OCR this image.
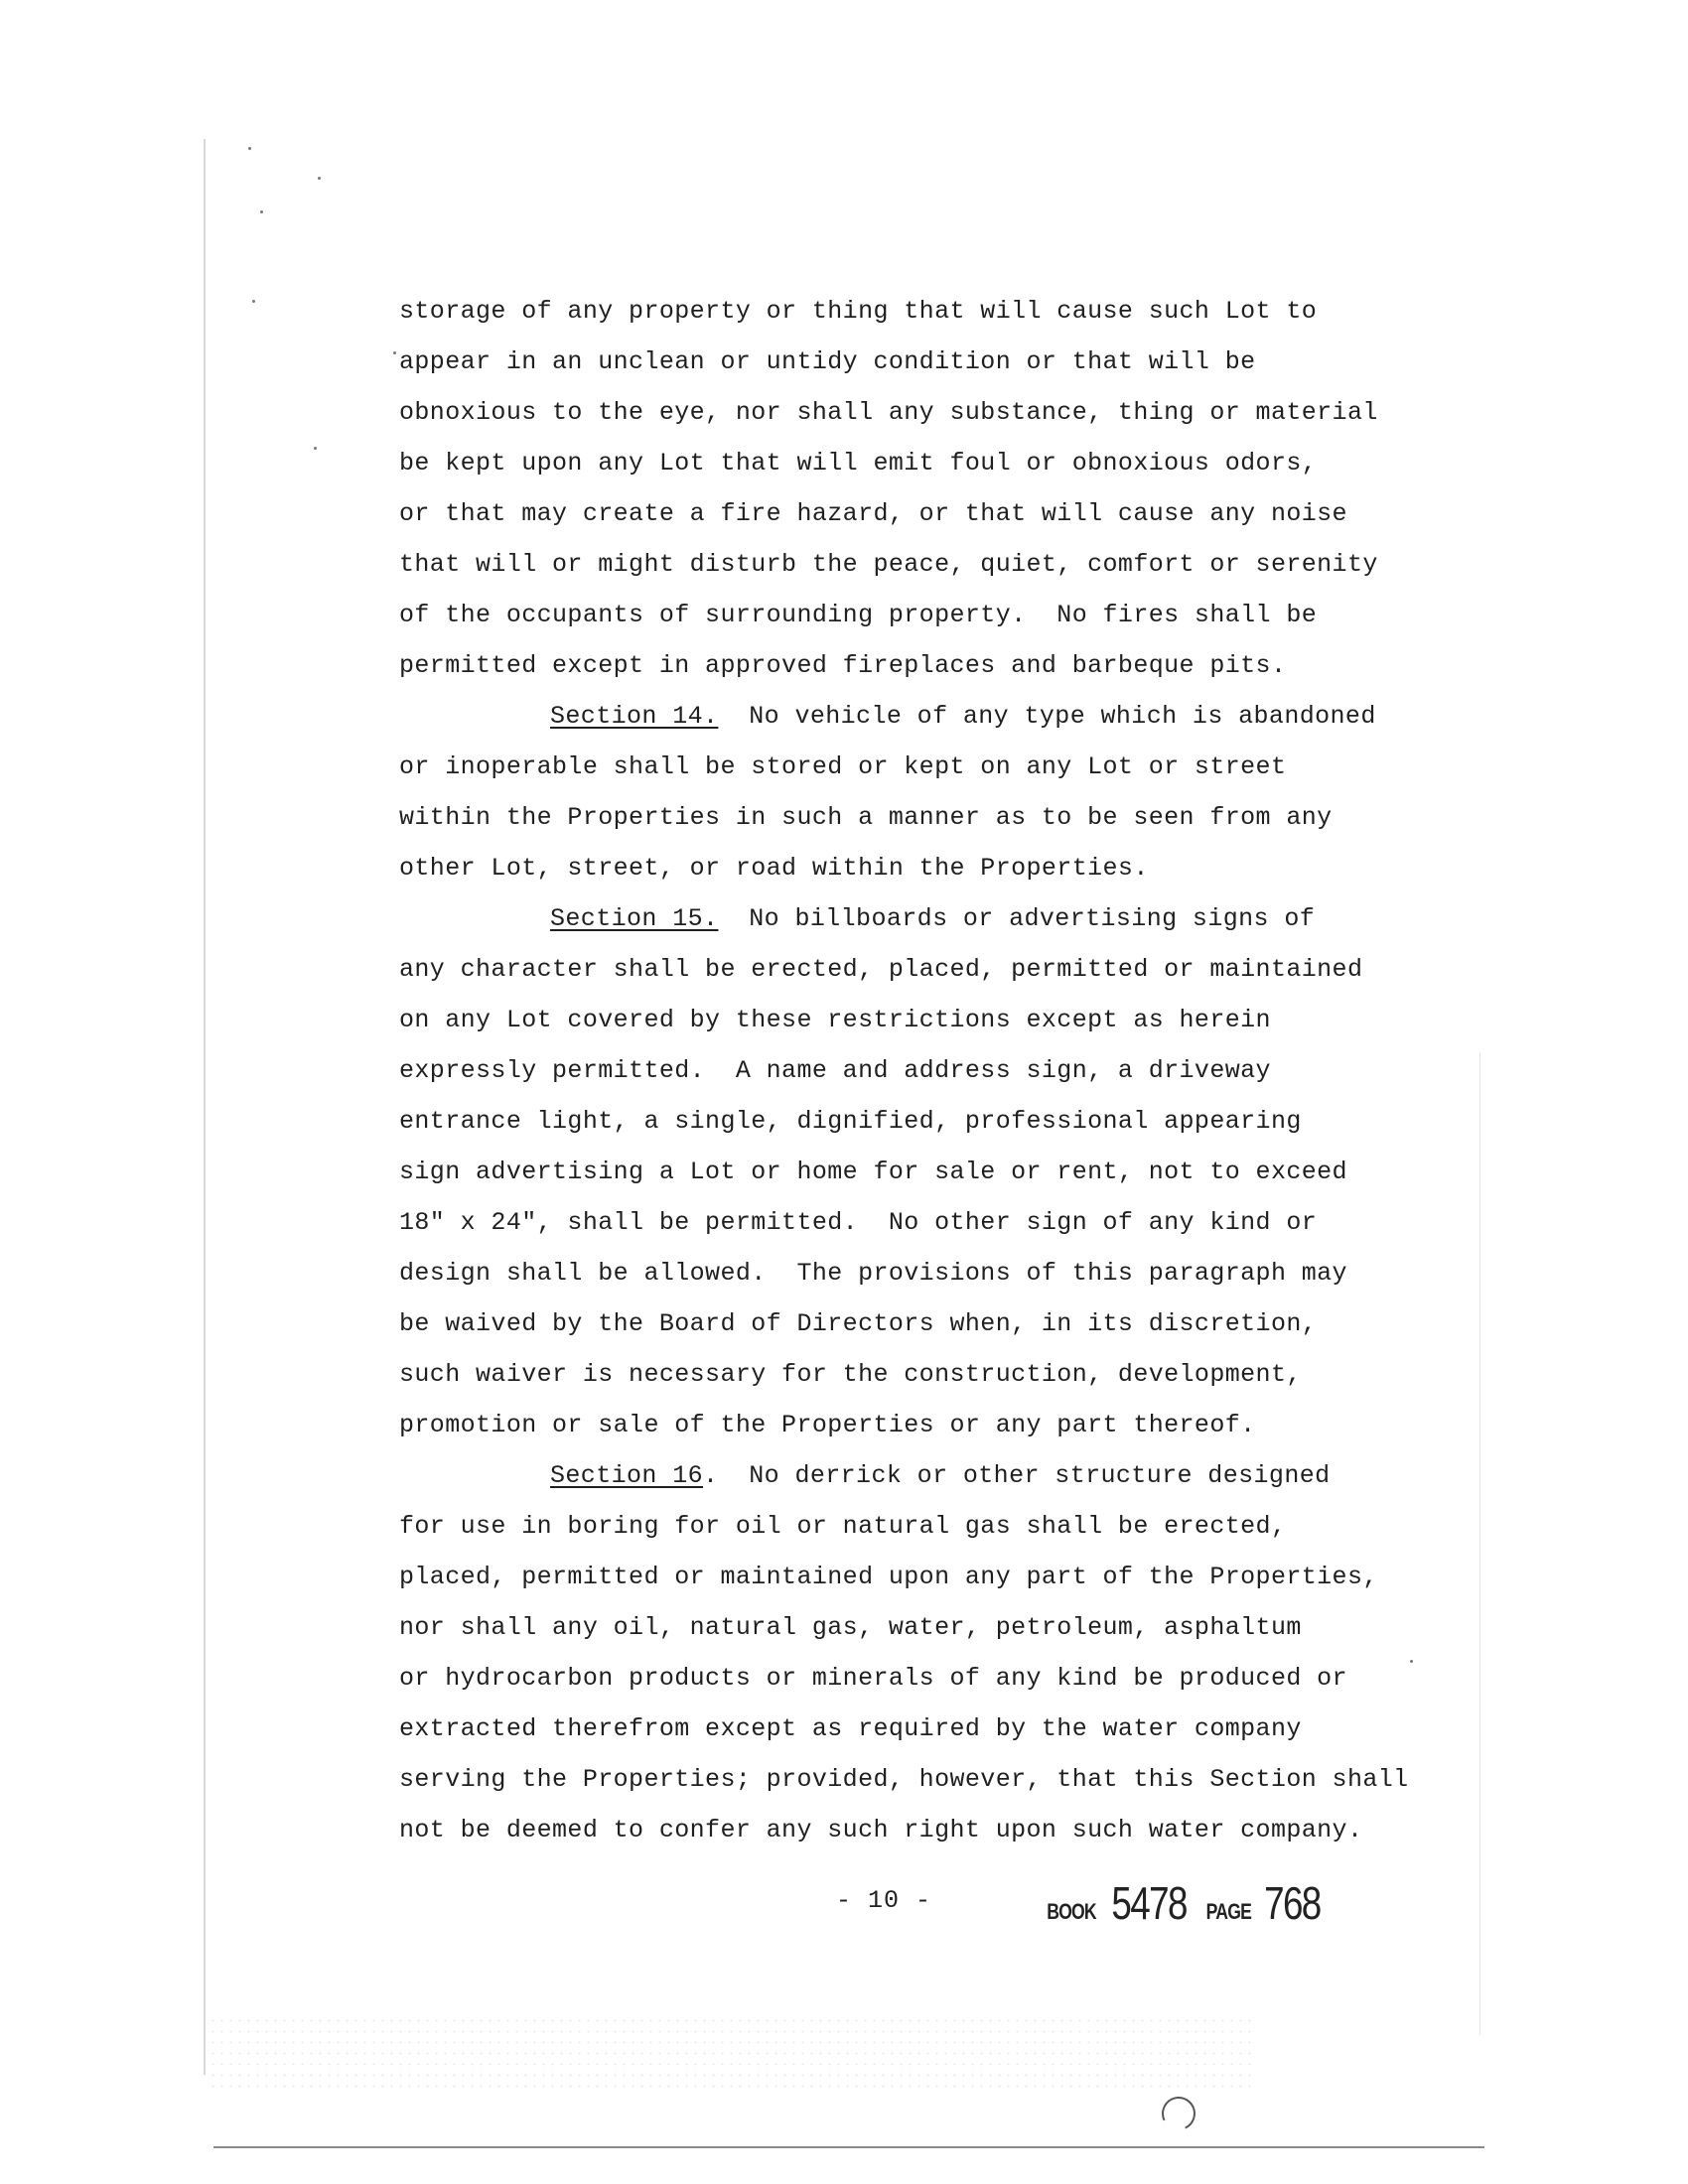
storage of any property or thing that will cause such Lot to
appear in an unclean or untidy condition or that will be
obnoxious to the eye, nor shall any substance, thing or material
be kept upon any Lot that will emit foul or obnoxious odors,
or that may create a fire hazard, or that will cause any noise
that will or might disturb the peace, quiet, comfort or serenity
of the occupants of surrounding property.  No fires shall be
permitted except in approved fireplaces and barbeque pits.
Section 14.  No vehicle of any type which is abandoned
or inoperable shall be stored or kept on any Lot or street
within the Properties in such a manner as to be seen from any
other Lot, street, or road within the Properties.
Section 15.  No billboards or advertising signs of
any character shall be erected, placed, permitted or maintained
on any Lot covered by these restrictions except as herein
expressly permitted.  A name and address sign, a driveway
entrance light, a single, dignified, professional appearing
sign advertising a Lot or home for sale or rent, not to exceed
18" x 24", shall be permitted.  No other sign of any kind or
design shall be allowed.  The provisions of this paragraph may
be waived by the Board of Directors when, in its discretion,
such waiver is necessary for the construction, development,
promotion or sale of the Properties or any part thereof.
Section 16.  No derrick or other structure designed
for use in boring for oil or natural gas shall be erected,
placed, permitted or maintained upon any part of the Properties,
nor shall any oil, natural gas, water, petroleum, asphaltum
or hydrocarbon products or minerals of any kind be produced or
extracted therefrom except as required by the water company
serving the Properties; provided, however, that this Section shall
not be deemed to confer any such right upon such water company.
- 10 -	BOOK 5478 PAGE 768
